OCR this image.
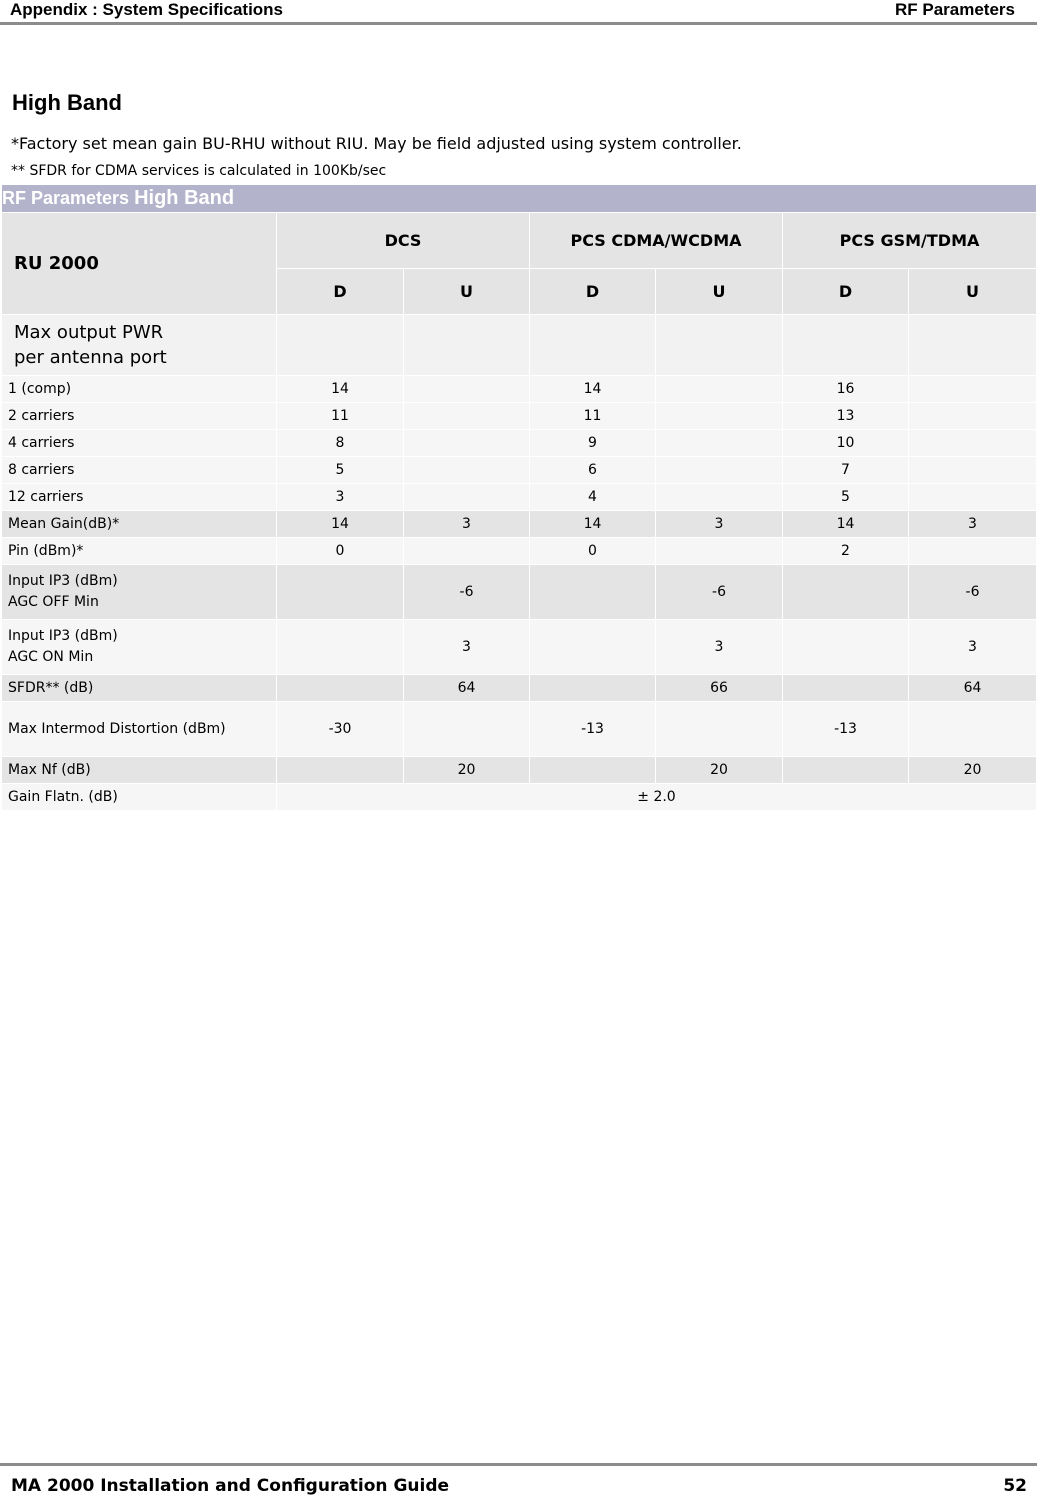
Appendix : System Specifications	RF Parameters
High Band
*Factory set mean gain BU-RHU without RIU. May be field adjusted using system controller.
** SFDR for CDMA services is calculated in 100Kb/sec
RF Parameters High Band						
RU 2000	DCS		PCS CDMA/WCDMA		PCS GSM/TDMA	
	D	U	D	U	D	U
Max output PWR
per antenna port						
1 (comp)	14		14		16	
2 carriers	11		11		13	
4 carriers	8		9		10	
8 carriers	5		6		7	
12 carriers	3		4		5	
Mean Gain(dB)*	14	3	14	3	14	3
Pin (dBm)*	0		0		2	
Input IP3 (dBm)
AGC OFF Min		-6		-6		-6
Input IP3 (dBm)
AGC ON Min		3		3		3
SFDR** (dB)		64		66		64
Max Intermod Distortion (dBm)	-30		-13		-13	
Max Nf (dB)		20		20		20
Gain Flatn. (dB)	± 2.0					
MA 2000 Installation and Configuration Guide	52
